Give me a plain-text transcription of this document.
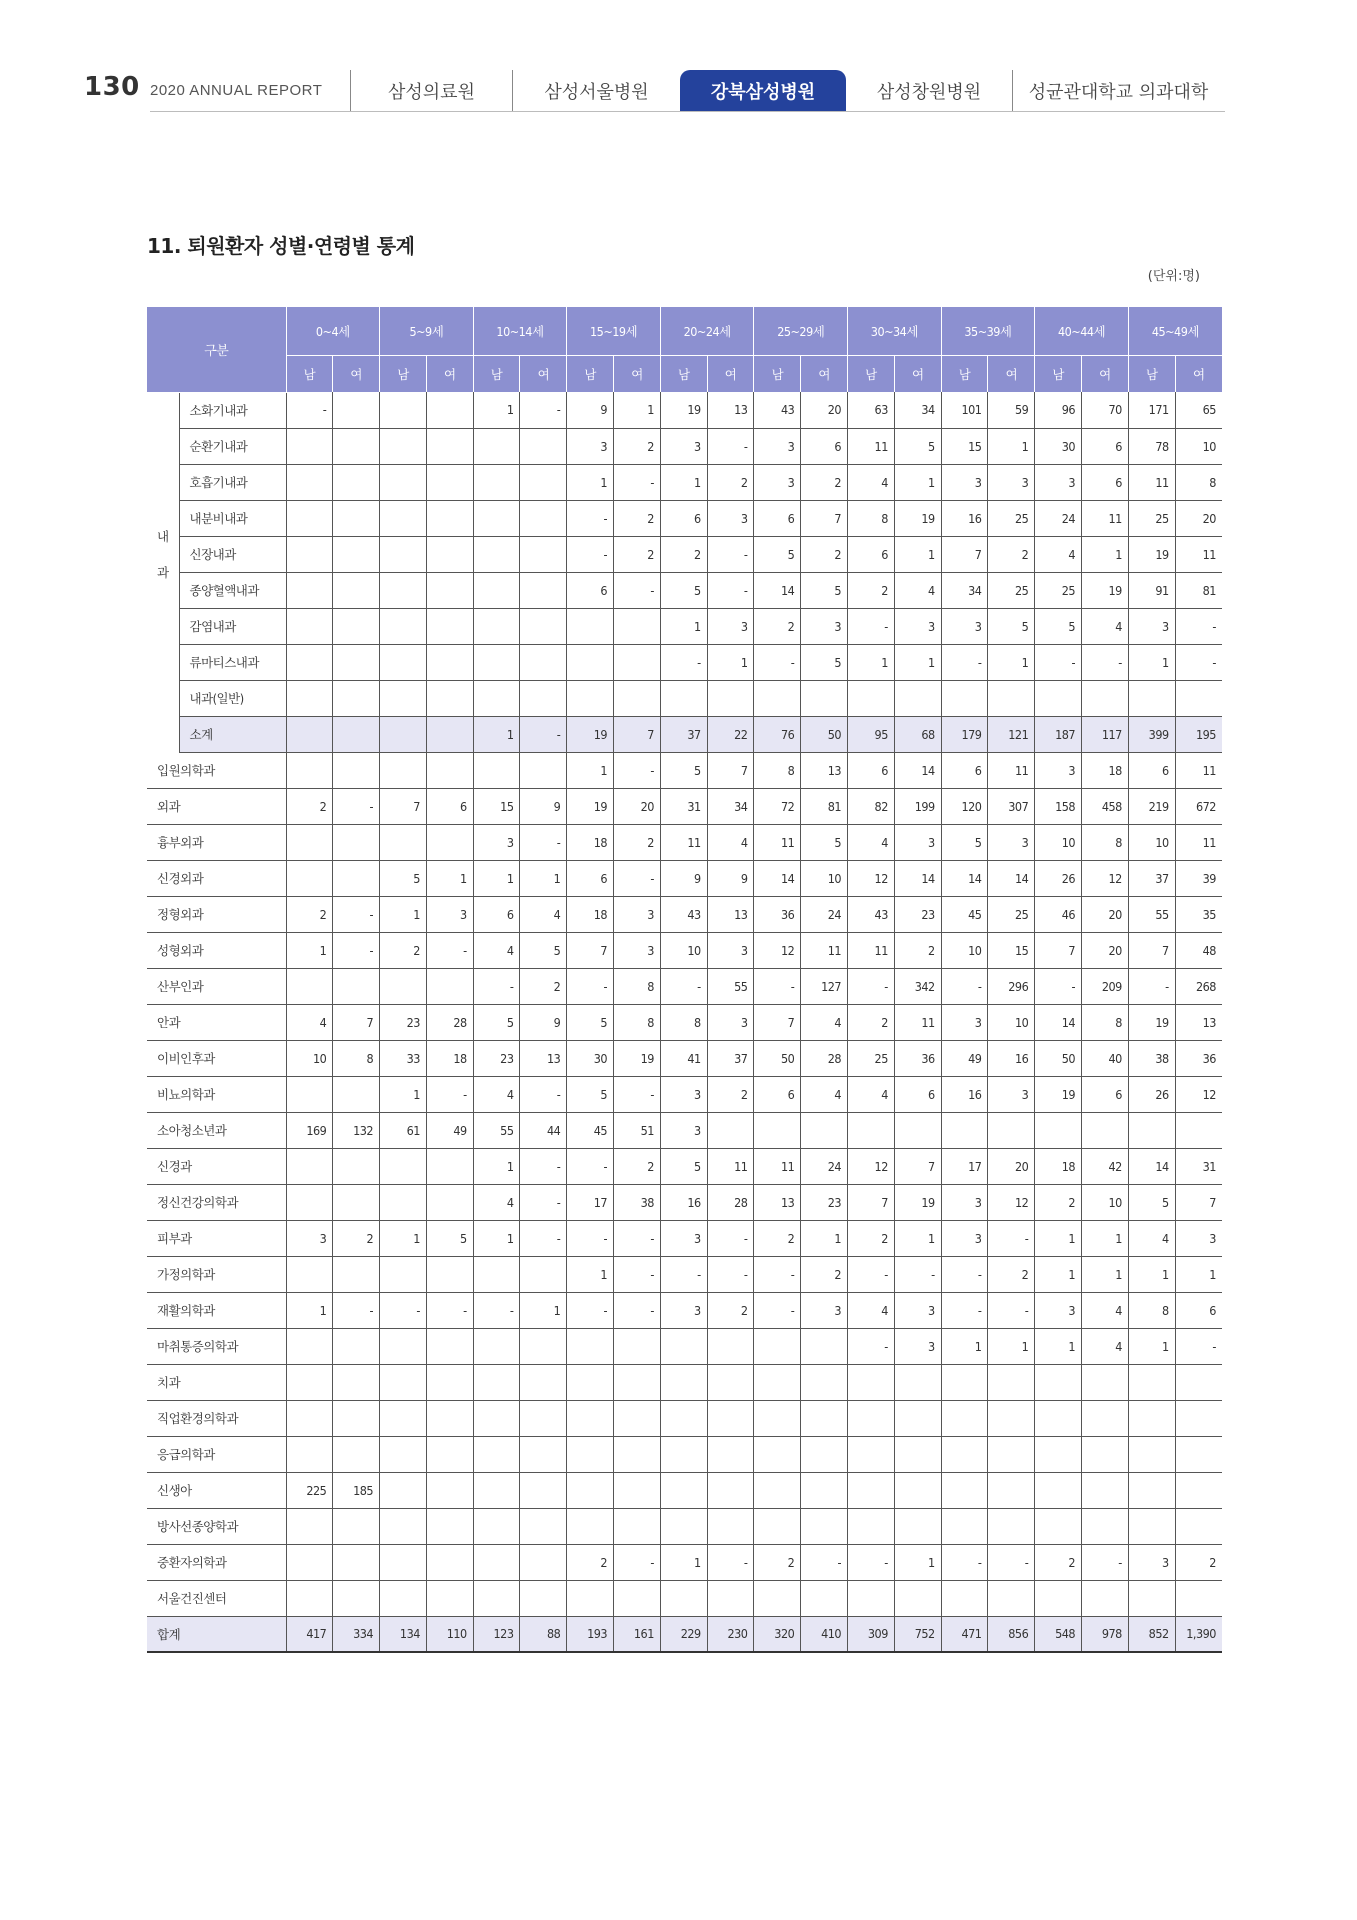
130 2020 ANNUAL REPORT	삼성의료원	삼성서울병원	강북삼성병원	삼성창원병원	성균관대학교 의과대학
11. 퇴원환자 성별·연령별 통계
(단위:명)
구분		0~4세		5~9세		10~14세		15~19세		20~24세		25~29세		30~34세		35~39세		40~44세		45~49세	
		남	여	남	여	남	여	남	여	남	여	남	여	남	여	남	여	남	여	남	여

내
과	소화기내과	-				1	-	9	1	19	13	43	20	63	34	101	59	96	70	171	65
	순환기내과							3	2	3	-	3	6	11	5	15	1	30	6	78	10
	호흡기내과							1	-	1	2	3	2	4	1	3	3	3	6	11	8
	내분비내과							-	2	6	3	6	7	8	19	16	25	24	11	25	20
	신장내과							-	2	2	-	5	2	6	1	7	2	4	1	19	11
	종양혈액내과							6	-	5	-	14	5	2	4	34	25	25	19	91	81
	감염내과									1	3	2	3	-	3	3	5	5	4	3	-
	류마티스내과									-	1	-	5	1	1	-	1	-	-	1	-
	내과(일반)																				
	소계					1	-	19	7	37	22	76	50	95	68	179	121	187	117	399	195
입원의학과								1	-	5	7	8	13	6	14	6	11	3	18	6	11
외과		2	-	7	6	15	9	19	20	31	34	72	81	82	199	120	307	158	458	219	672
흉부외과						3	-	18	2	11	4	11	5	4	3	5	3	10	8	10	11
신경외과				5	1	1	1	6	-	9	9	14	10	12	14	14	14	26	12	37	39
정형외과		2	-	1	3	6	4	18	3	43	13	36	24	43	23	45	25	46	20	55	35
성형외과		1	-	2	-	4	5	7	3	10	3	12	11	11	2	10	15	7	20	7	48
산부인과						-	2	-	8	-	55	-	127	-	342	-	296	-	209	-	268
안과		4	7	23	28	5	9	5	8	8	3	7	4	2	11	3	10	14	8	19	13
이비인후과		10	8	33	18	23	13	30	19	41	37	50	28	25	36	49	16	50	40	38	36
비뇨의학과				1	-	4	-	5	-	3	2	6	4	4	6	16	3	19	6	26	12
소아청소년과		169	132	61	49	55	44	45	51	3											
신경과						1	-	-	2	5	11	11	24	12	7	17	20	18	42	14	31
정신건강의학과						4	-	17	38	16	28	13	23	7	19	3	12	2	10	5	7
피부과		3	2	1	5	1	-	-	-	3	-	2	1	2	1	3	-	1	1	4	3
가정의학과								1	-	-	-	-	2	-	-	-	2	1	1	1	1
재활의학과		1	-	-	-	-	1	-	-	3	2	-	3	4	3	-	-	3	4	8	6
마취통증의학과														-	3	1	1	1	4	1	-
치과																					
직업환경의학과																					
응급의학과																					
신생아		225	185																		
방사선종양학과																					
중환자의학과								2	-	1	-	2	-	-	1	-	-	2	-	3	2
서울건진센터																					
합계		417	334	134	110	123	88	193	161	229	230	320	410	309	752	471	856	548	978	852	1,390
